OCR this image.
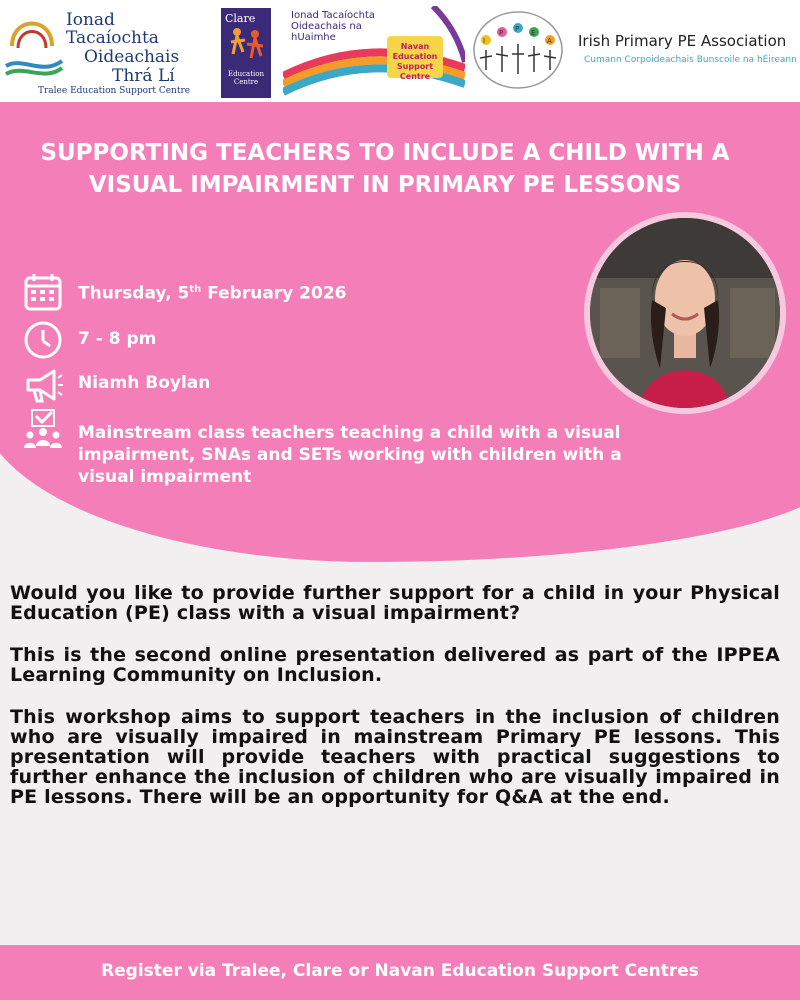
Ionad
Tacaíochta
Oideachais
Thrá Lí
Tralee Education Support Centre
Clare
Education Centre
Ionad Tacaíochta Oideachais na hUaimhe
Navan Education Support Centre
I
P P E
A Irish Primary PE Association
Cumann Corpoideachais Bunscoile na hÉireann
SUPPORTING TEACHERS TO INCLUDE A CHILD WITH A VISUAL IMPAIRMENT IN PRIMARY PE LESSONS
Thursday, 5th February 2026
7 - 8 pm
Niamh Boylan
Mainstream class teachers teaching a child with a visual impairment, SNAs and SETs working with children with a visual impairment

Would you like to provide further support for a child in your Physical Education (PE) class with a visual impairment?

This is the second online presentation delivered as part of the IPPEA Learning Community on Inclusion.

This workshop aims to support teachers in the inclusion of children who are visually impaired in mainstream Primary PE lessons. This presentation will provide teachers with practical suggestions to further enhance the inclusion of children who are visually impaired in PE lessons. There will be an opportunity for Q&A at the end.

Register via Tralee, Clare or Navan Education Support Centres
